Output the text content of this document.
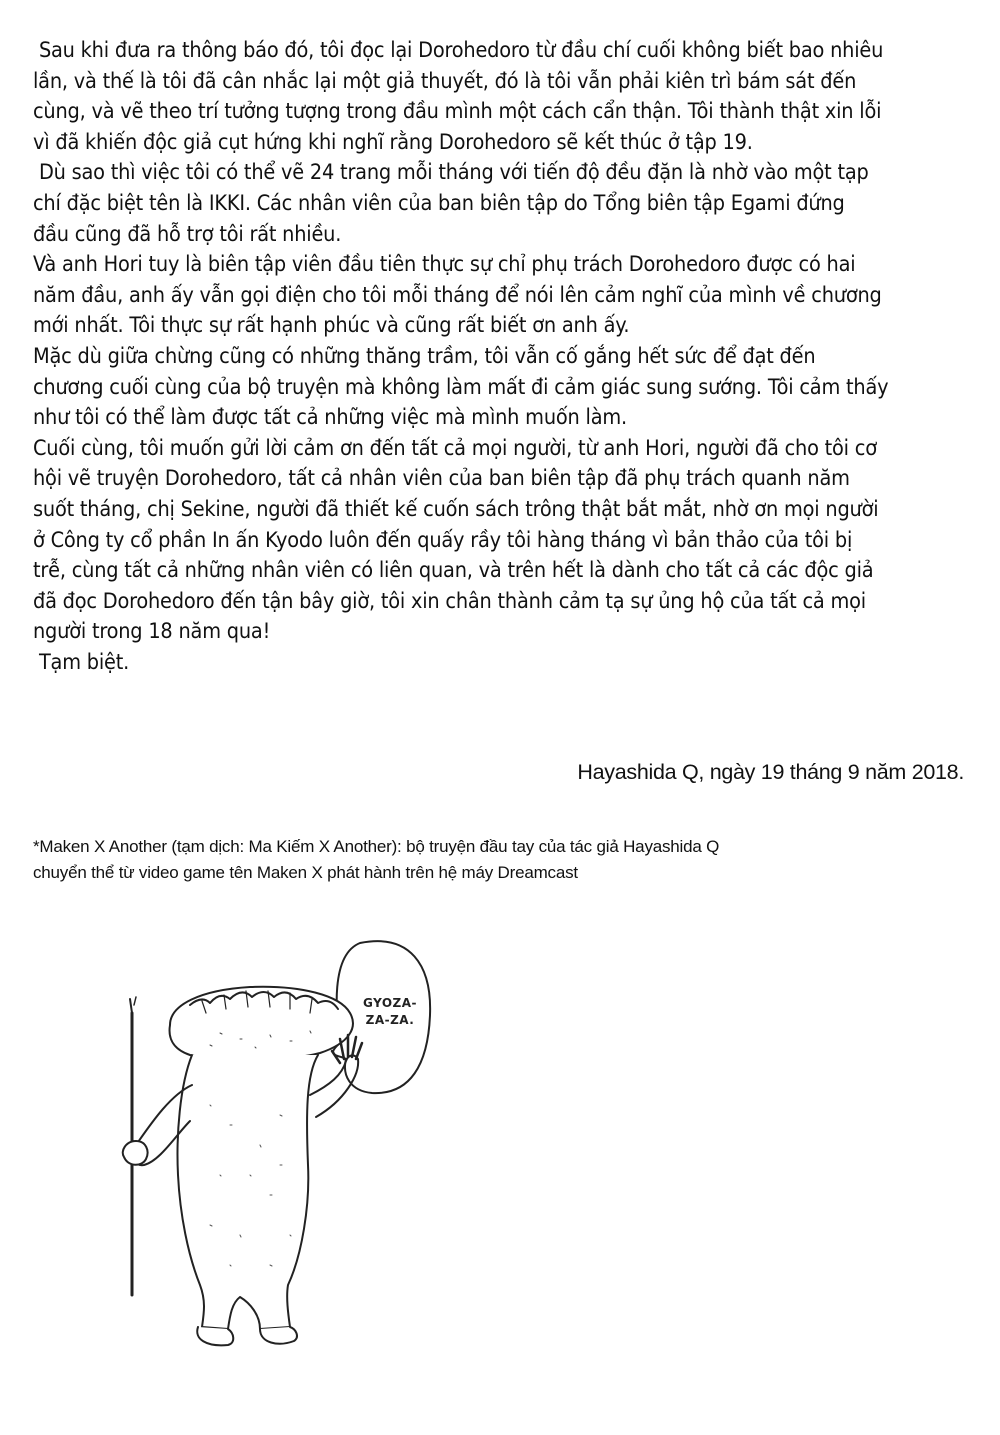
Sau khi đưa ra thông báo đó, tôi đọc lại Dorohedoro từ đầu chí cuối không biết bao nhiêu
lần, và thế là tôi đã cân nhắc lại một giả thuyết, đó là tôi vẫn phải kiên trì bám sát đến
cùng, và vẽ theo trí tưởng tượng trong đầu mình một cách cẩn thận. Tôi thành thật xin lỗi
vì đã khiến độc giả cụt hứng khi nghĩ rằng Dorohedoro sẽ kết thúc ở tập 19.
Dù sao thì việc tôi có thể vẽ 24 trang mỗi tháng với tiến độ đều đặn là nhờ vào một tạp
chí đặc biệt tên là IKKI. Các nhân viên của ban biên tập do Tổng biên tập Egami đứng
đầu cũng đã hỗ trợ tôi rất nhiều.
Và anh Hori tuy là biên tập viên đầu tiên thực sự chỉ phụ trách Dorohedoro được có hai
năm đầu, anh ấy vẫn gọi điện cho tôi mỗi tháng để nói lên cảm nghĩ của mình về chương
mới nhất. Tôi thực sự rất hạnh phúc và cũng rất biết ơn anh ấy.
Mặc dù giữa chừng cũng có những thăng trầm, tôi vẫn cố gắng hết sức để đạt đến
chương cuối cùng của bộ truyện mà không làm mất đi cảm giác sung sướng. Tôi cảm thấy
như tôi có thể làm được tất cả những việc mà mình muốn làm.
Cuối cùng, tôi muốn gửi lời cảm ơn đến tất cả mọi người, từ anh Hori, người đã cho tôi cơ
hội vẽ truyện Dorohedoro, tất cả nhân viên của ban biên tập đã phụ trách quanh năm
suốt tháng, chị Sekine, người đã thiết kế cuốn sách trông thật bắt mắt, nhờ ơn mọi người
ở Công ty cổ phần In ấn Kyodo luôn đến quấy rầy tôi hàng tháng vì bản thảo của tôi bị
trễ, cùng tất cả những nhân viên có liên quan, và trên hết là dành cho tất cả các độc giả
đã đọc Dorohedoro đến tận bây giờ, tôi xin chân thành cảm tạ sự ủng hộ của tất cả mọi
người trong 18 năm qua!
Tạm biệt.
Hayashida Q, ngày 19 tháng 9 năm 2018.
*Maken X Another (tạm dịch: Ma Kiếm X Another): bộ truyện đầu tay của tác giả Hayashida Q
chuyển thể từ video game tên Maken X phát hành trên hệ máy Dreamcast
GYOZA-
ZA-ZA.
